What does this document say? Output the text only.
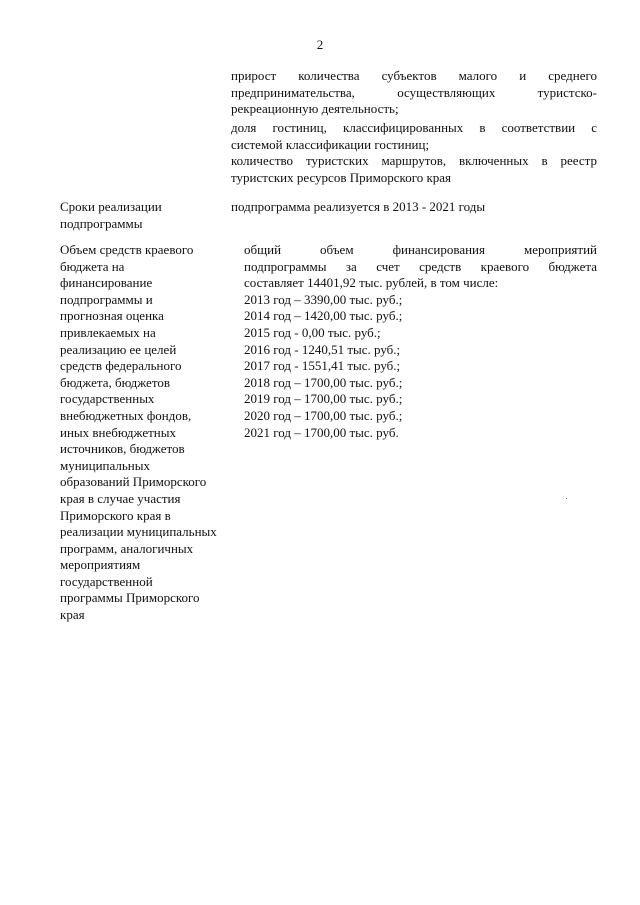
2
прирост количества субъектов малого и среднего
предпринимательства, осуществляющих туристско-
рекреационную деятельность;
доля гостиниц, классифицированных в соответствии с
системой классификации гостиниц;
количество туристских маршрутов, включенных в реестр
туристских ресурсов Приморского края
Сроки реализации
подпрограммы
подпрограмма реализуется в 2013 - 2021 годы
Объем средств краевого
бюджета на
финансирование
подпрограммы и
прогнозная оценка
привлекаемых на
реализацию ее целей
средств федерального
бюджета, бюджетов
государственных
внебюджетных фондов,
иных внебюджетных
источников, бюджетов
муниципальных
образований Приморского
края в случае участия
Приморского края в
реализации муниципальных
программ, аналогичных
мероприятиям
государственной
программы Приморского
края
общий объем финансирования мероприятий
подпрограммы за счет средств краевого бюджета
составляет 14401,92 тыс. рублей, в том числе:
2013 год – 3390,00 тыс. руб.;
2014 год – 1420,00 тыс. руб.;
2015 год - 0,00 тыс. руб.;
2016 год - 1240,51 тыс. руб.;
2017 год - 1551,41 тыс. руб.;
2018 год – 1700,00 тыс. руб.;
2019 год – 1700,00 тыс. руб.;
2020 год – 1700,00 тыс. руб.;
2021 год – 1700,00 тыс. руб.
